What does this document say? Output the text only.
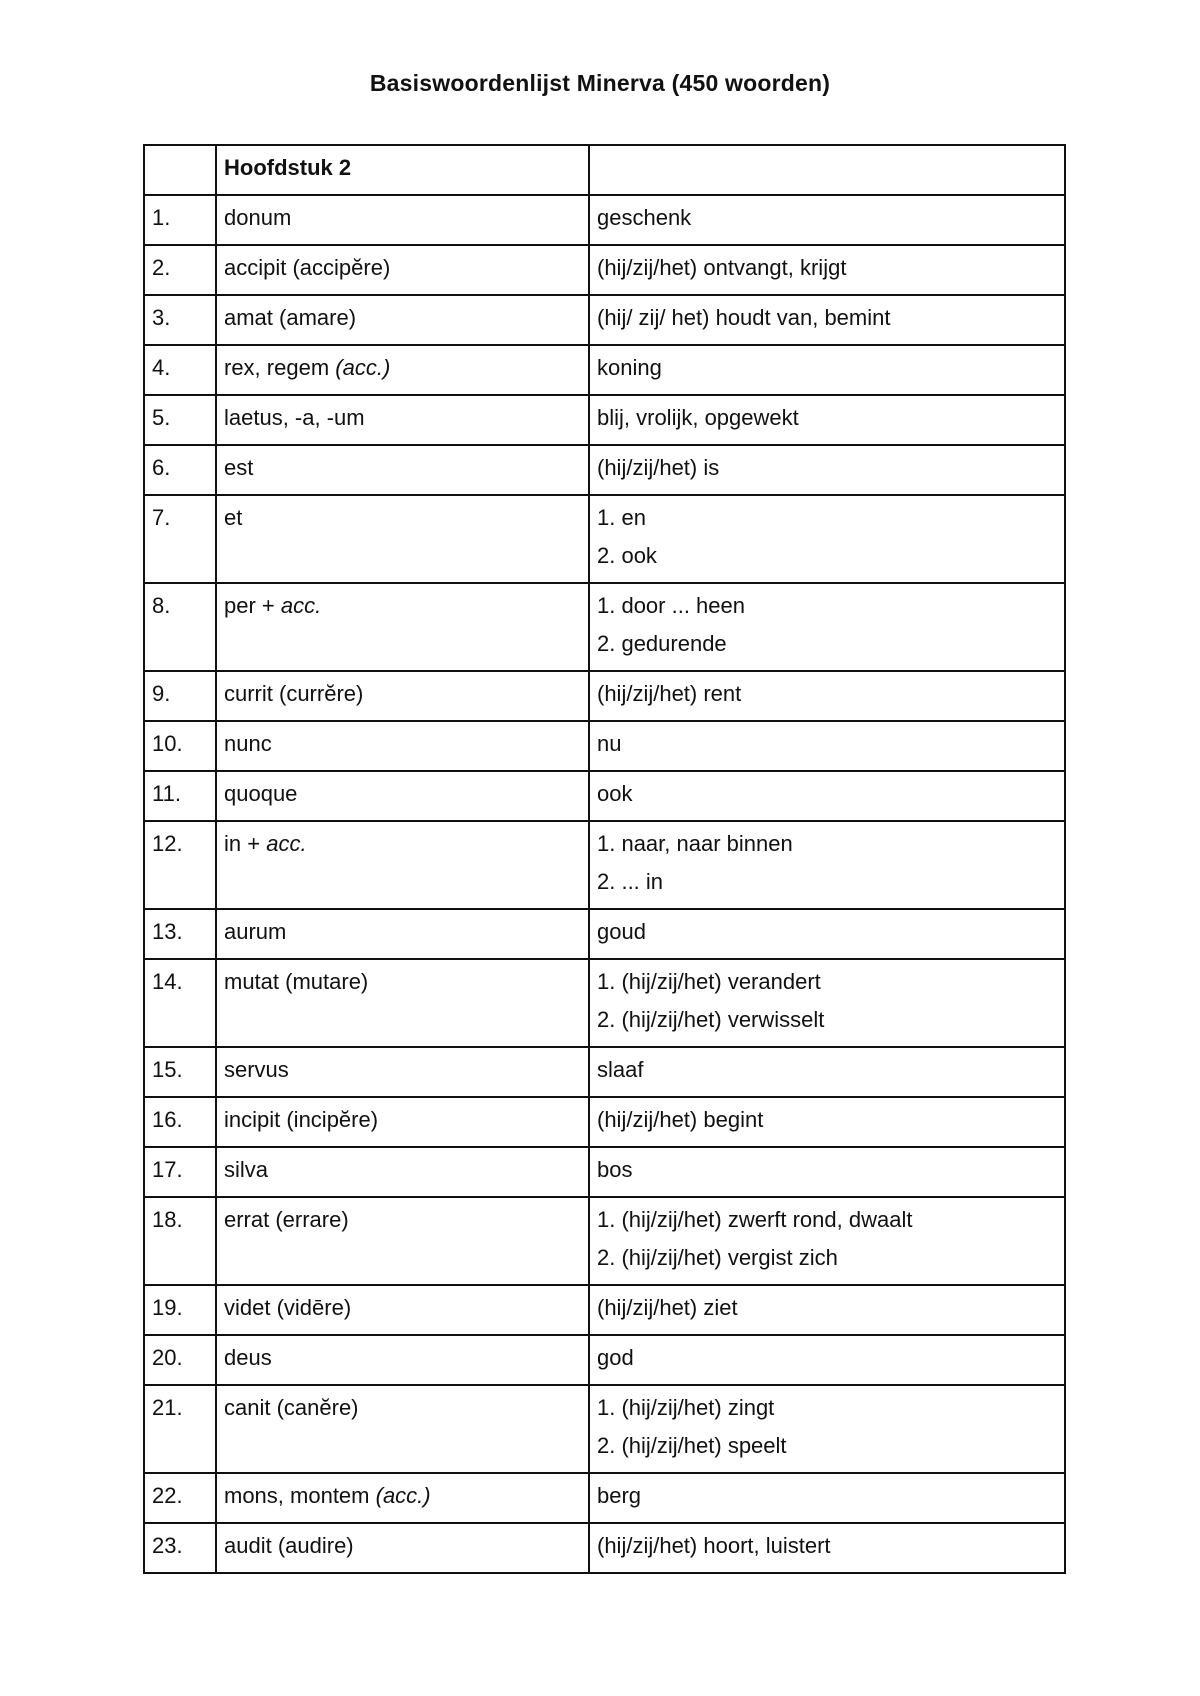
Basiswoordenlijst Minerva (450 woorden)
	Hoofdstuk 2	
1.	donum	geschenk
2.	accipit (accipĕre)	(hij/zij/het) ontvangt, krijgt
3.	amat (amare)	(hij/ zij/ het) houdt van, bemint
4.	rex, regem (acc.)	koning
5.	laetus, -a, -um	blij, vrolijk, opgewekt
6.	est	(hij/zij/het) is
7.	et	1. en
2. ook

8.	per + acc.	1. door ... heen
2. gedurende

9.	currit (currĕre)	(hij/zij/het) rent
10.	nunc	nu
11.	quoque	ook
12.	in + acc.	1. naar, naar binnen
2. ... in

13.	aurum	goud
14.	mutat (mutare)	1. (hij/zij/het) verandert
2. (hij/zij/het) verwisselt

15.	servus	slaaf
16.	incipit (incipĕre)	(hij/zij/het) begint
17.	silva	bos
18.	errat (errare)	1. (hij/zij/het) zwerft rond, dwaalt
2. (hij/zij/het) vergist zich

19.	videt (vidēre)	(hij/zij/het) ziet
20.	deus	god
21.	canit (canĕre)	1. (hij/zij/het) zingt
2. (hij/zij/het) speelt

22.	mons, montem (acc.)	berg
23.	audit (audire)	(hij/zij/het) hoort, luistert
